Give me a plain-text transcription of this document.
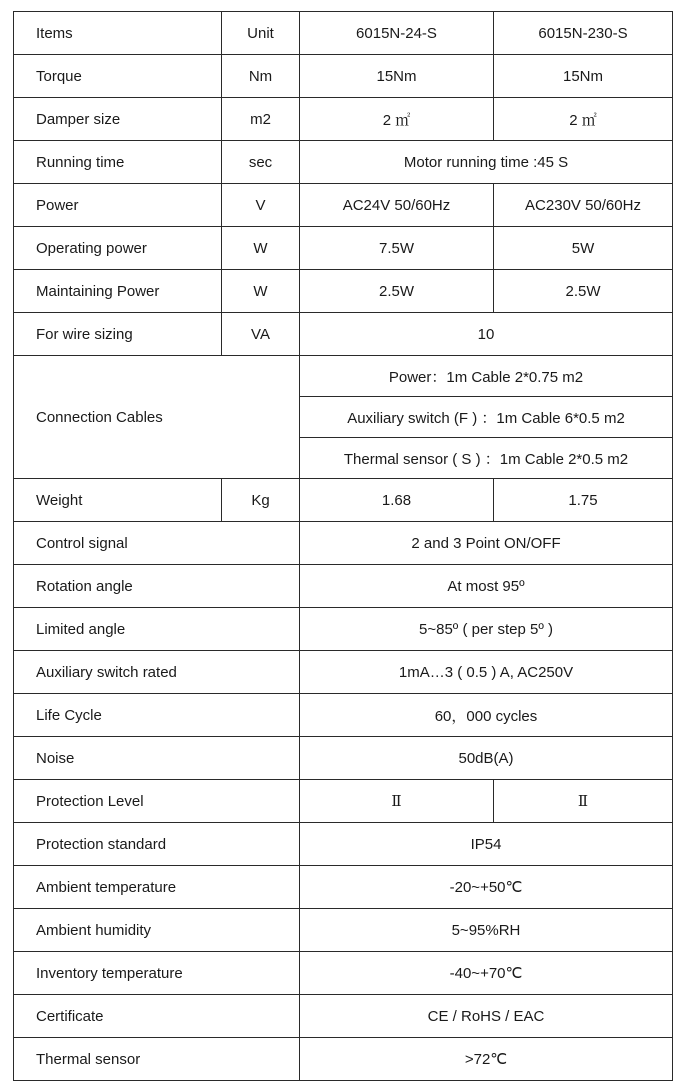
Items	Unit	6015N-24-S	6015N-230-S
Torque	Nm	15Nm	15Nm
Damper size	m2	2 ㎡	2 ㎡
Running time	sec	Motor running time :45 S	
Power	V	AC24V 50/60Hz	AC230V 50/60Hz
Operating power	W	7.5W	5W
Maintaining Power	W	2.5W	2.5W
For wire sizing	VA	10	
Connection Cables		Power：1m Cable 2*0.75 m2	
		Auxiliary switch (F ) ：1m Cable 6*0.5 m2	
		Thermal sensor ( S ) ：1m Cable 2*0.5 m2	
Weight	Kg	1.68	1.75
Control signal		2 and 3 Point ON/OFF	
Rotation angle		At most 95º	
Limited angle		5~85º ( per step 5º )	
Auxiliary switch rated		1mA…3 ( 0.5 ) A, AC250V	
Life Cycle		60，000 cycles	
Noise		50dB(A)	
Protection Level		Ⅱ	Ⅱ
Protection standard		IP54	
Ambient temperature		-20~+50℃	
Ambient humidity		5~95%RH	
Inventory temperature		-40~+70℃	
Certificate		CE / RoHS / EAC	
Thermal sensor		>72℃	
